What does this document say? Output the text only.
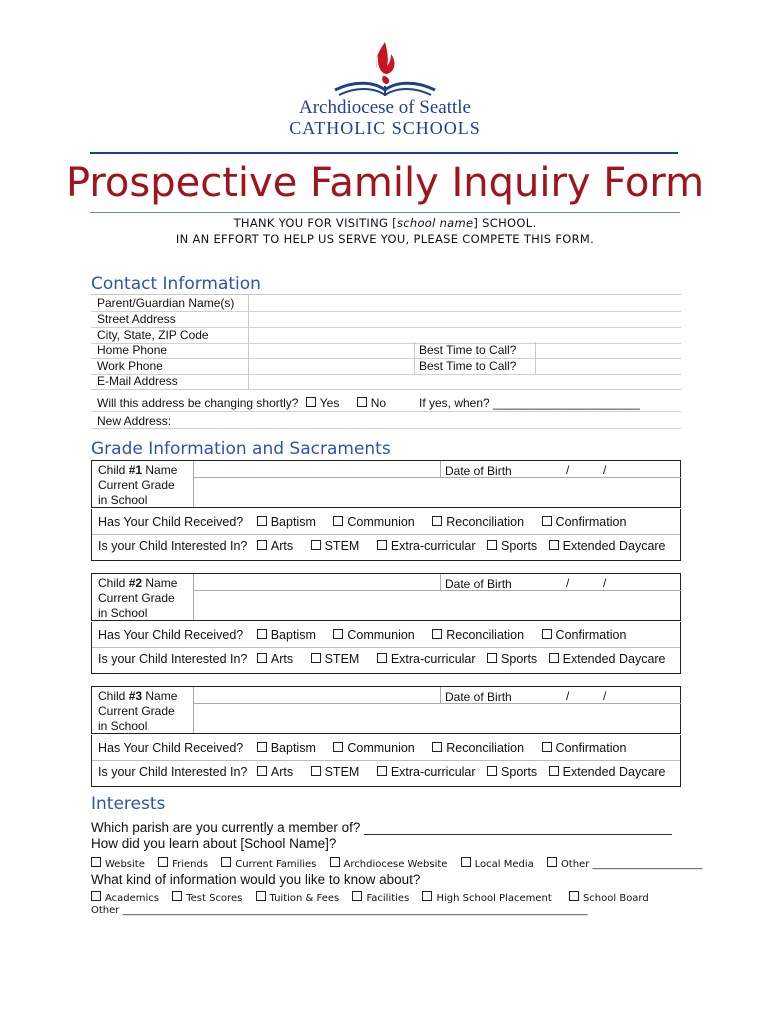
Archdiocese of Seattle
CATHOLIC SCHOOLS
Prospective Family Inquiry Form
THANK YOU FOR VISITING [school name] SCHOOL.
IN AN EFFORT TO HELP US SERVE YOU, PLEASE COMPETE THIS FORM.
Contact Information
Parent/Guardian Name(s)
Street Address
City, State, ZIP Code
Home Phone	Best Time to Call?
Work Phone	Best Time to Call?
E-Mail Address
Will this address be changing shortly? Yes	No	If yes, when? ______________________
New Address:
Grade Information and Sacraments
Child #1 Name
Current Grade
in School
Date of Birth	/	/
Has Your Child Received? Baptism	Communion	Reconciliation	Confirmation
Is your Child Interested In? Arts	STEM	Extra-curricular Sports Extended Daycare
Child #2 Name
Current Grade
in School
Date of Birth	/	/
Has Your Child Received? Baptism	Communion	Reconciliation	Confirmation
Is your Child Interested In? Arts	STEM	Extra-curricular Sports Extended Daycare
Child #3 Name
Current Grade
in School
Date of Birth	/	/
Has Your Child Received? Baptism	Communion	Reconciliation	Confirmation
Is your Child Interested In? Arts	STEM	Extra-curricular Sports Extended Daycare
Interests
Which parish are you currently a member of? _________________________________________
How did you learn about [School Name]?
Website	Friends	Current Families	Archdiocese Website	Local Media	Other ______________________
What kind of information would you like to know about?
Academics	Test Scores	Tuition & Fees	Facilities	High School Placement	School Board
Other _____________________________________________________________________________________________
